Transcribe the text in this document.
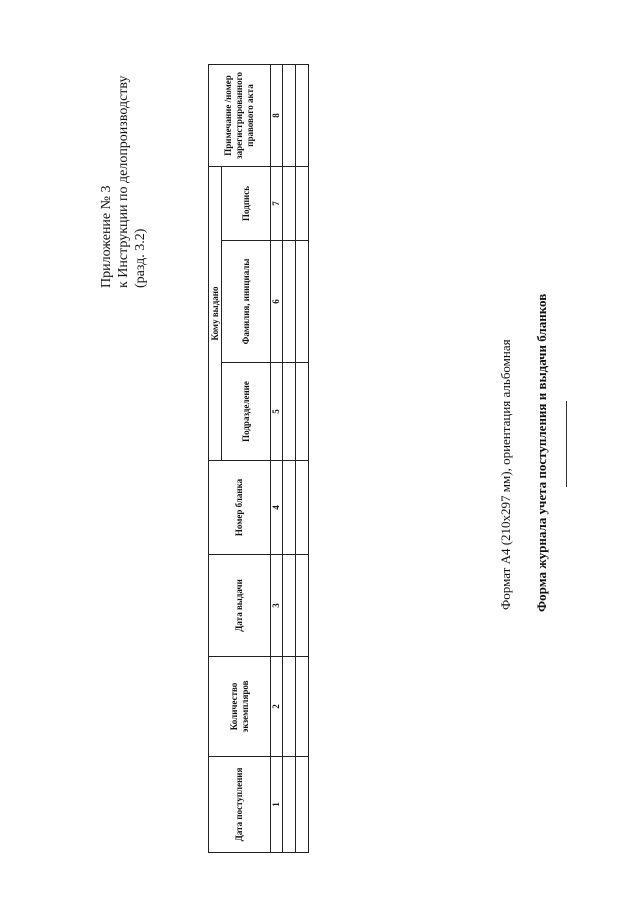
Приложение № 3 к Инструкции по делопроизводству (разд. 3.2)
Дата поступления	Количество экземпляров	Дата выдачи	Номер бланка	Кому выдано			Примечание /номер зарегистрированного правового акта
				Подразделение	Фамилия, инициалы	Подпись	
1	2	3	4	5	6	7	8

Формат А4 (210x297 мм), ориентация альбомная Форма журнала учета поступления и выдачи бланков
